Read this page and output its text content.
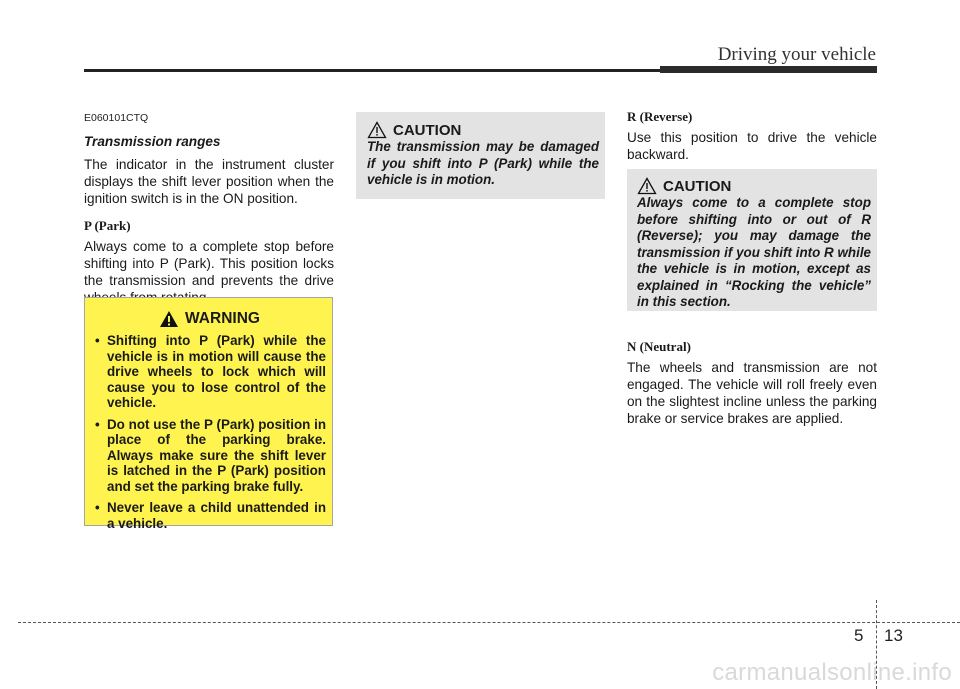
Driving your vehicle
E060101CTQ
Transmission ranges

The indicator in the instrument cluster displays the shift lever position when the ignition switch is in the ON position.

P (Park)

Always come to a complete stop before shifting into P (Park). This position locks the transmission and prevents the drive

WARNING
• Shifting into P (Park) while the vehicle is in motion will cause the drive wheels to lock which will cause you to lose control of the vehicle.
• Do not use the P (Park) position in place of the parking brake. Always make sure the shift lever is latched in the P (Park) position and set the parking brake fully.
• Never leave a child unattended in a vehicle.
CAUTION
The transmission may be damaged if you shift into P (Park) while the vehicle is in motion.
R (Reverse)

Use this position to drive the vehicle backward.

N (Neutral)

The wheels and transmission are not engaged. The vehicle will roll freely even on the slightest incline unless the parking brake or service brakes are applied.

CAUTION
Always come to a complete stop before shifting into or out of R (Reverse); you may damage the transmission if you shift into R while the vehicle is in motion, except as explained in “Rocking the vehicle” in this section.
5 13
carmanualsonline.info
